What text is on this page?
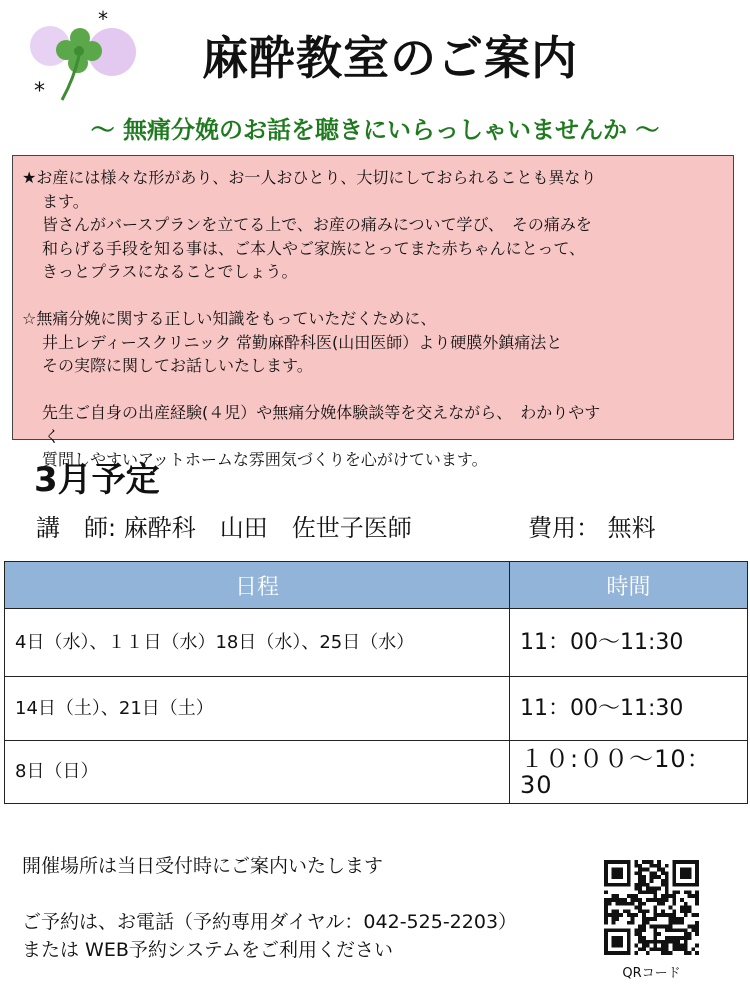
*
*
麻酔教室のご案内
～ 無痛分娩のお話を聴きにいらっしゃいませんか ～

★お産には様々な形があり、お一人おひとり、大切にしておられることも異なり

ます。

皆さんがバースプランを立てる上で、お産の痛みについて学び、　その痛みを

和らげる手段を知る事は、ご本人やご家族にとってまた赤ちゃんにとって、

きっとプラスになることでしょう。

☆無痛分娩に関する正しい知識をもっていただくために、

井上レディースクリニック 常勤麻酔科医(山田医師）より硬膜外鎮痛法と

その実際に関してお話しいたします。

先生ご自身の出産経験(４児）や無痛分娩体験談等を交えながら、　わかりやす

く

質問しやすいアットホームな雰囲気づくりを心がけています。

3月予定
講　師: 麻酔科　山田　佐世子医師	費用： 無料
日程	時間
4日（水）、１１日（水）18日（水）、25日（水）	11：00〜11:30
14日（土）、21日（土）	11：00〜11:30
8日（日）	１０:００～10：30

開催場所は当日受付時にご案内いたします

ご予約は、お電話（予約専用ダイヤル：042-525-2203）

または WEB予約システムをご利用ください

QRコード
